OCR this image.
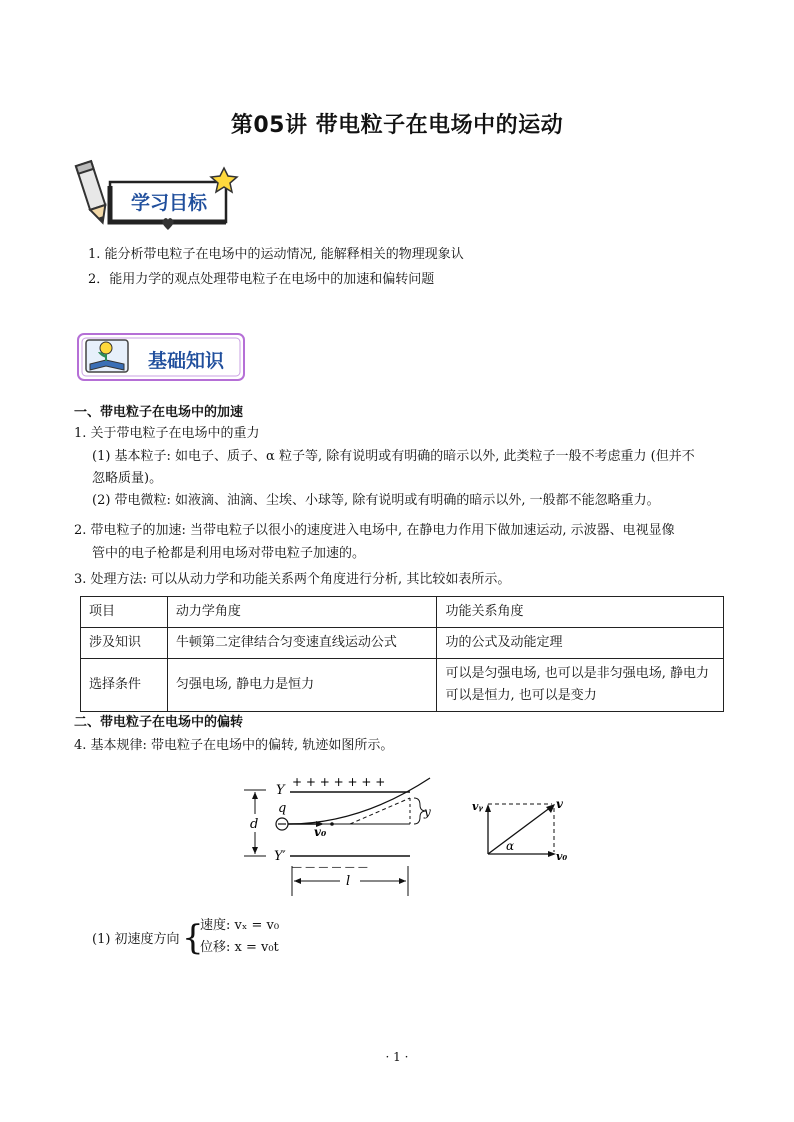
第05讲 带电粒子在电场中的运动
学习目标
1. 能分析带电粒子在电场中的运动情况, 能解释相关的物理现象认
2．能用力学的观点处理带电粒子在电场中的加速和偏转问题
基础知识
一、带电粒子在电场中的加速
1. 关于带电粒子在电场中的重力
(1) 基本粒子: 如电子、质子、α 粒子等, 除有说明或有明确的暗示以外, 此类粒子一般不考虑重力 (但并不
忽略质量)。
(2) 带电微粒: 如液滴、油滴、尘埃、小球等, 除有说明或有明确的暗示以外, 一般都不能忽略重力。
2. 带电粒子的加速: 当带电粒子以很小的速度进入电场中, 在静电力作用下做加速运动, 示波器、电视显像
管中的电子枪都是利用电场对带电粒子加速的。
3. 处理方法: 可以从动力学和功能关系两个角度进行分析, 其比较如表所示。
项目	动力学角度	功能关系角度
涉及知识	牛顿第二定律结合匀变速直线运动公式	功的公式及动能定理
选择条件	匀强电场, 静电力是恒力	可以是匀强电场, 也可以是非匀强电场, 静电力可以是恒力, 也可以是变力
二、带电粒子在电场中的偏转
4. 基本规律: 带电粒子在电场中的偏转, 轨迹如图所示。
+ + + + + + +
— — — — — —
Y
Y′
q
d	v₀
y
l
vᵧ	v
α
v₀
(1) 初速度方向 {
速度: vₓ = v₀
位移: x = v₀t
· 1 ·
